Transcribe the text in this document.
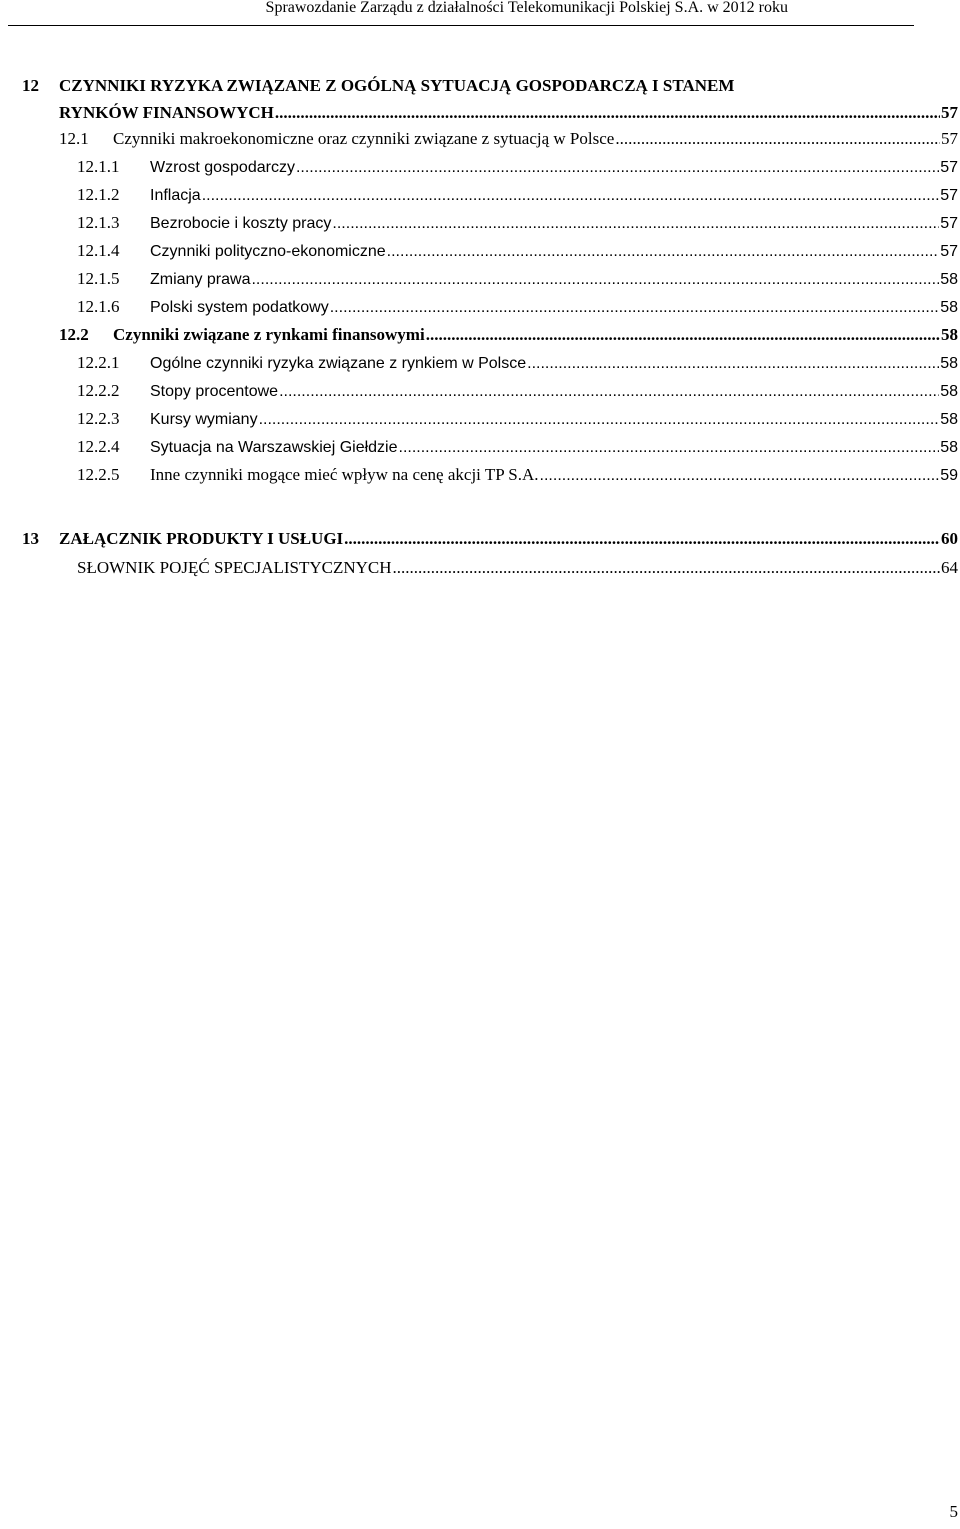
Sprawozdanie Zarządu z działalności Telekomunikacji Polskiej S.A. w 2012 roku
12 CZYNNIKI RYZYKA ZWIĄZANE Z OGÓLNĄ SYTUACJĄ GOSPODARCZĄ I STANEM
RYNKÓW FINANSOWYCH .....	57
12.1	Czynniki makroekonomiczne oraz czynniki związane z sytuacją w Polsce .....	57
12.1.1	Wzrost gospodarczy .....	57
12.1.2	Inflacja .....	57
12.1.3	Bezrobocie i koszty pracy .....	57
12.1.4	Czynniki polityczno-ekonomiczne .....	57
12.1.5	Zmiany prawa .....	58
12.1.6	Polski system podatkowy .....	58
12.2	Czynniki związane z rynkami finansowymi .....	58
12.2.1	Ogólne czynniki ryzyka związane z rynkiem w Polsce .....	58
12.2.2	Stopy procentowe .....	58
12.2.3	Kursy wymiany .....	58
12.2.4	Sytuacja na Warszawskiej Giełdzie .....	58
12.2.5	Inne czynniki mogące mieć wpływ na cenę akcji TP S.A. .....	59
13	ZAŁĄCZNIK PRODUKTY I USŁUGI .....	60
SŁOWNIK POJĘĆ SPECJALISTYCZNYCH .....	64
5
